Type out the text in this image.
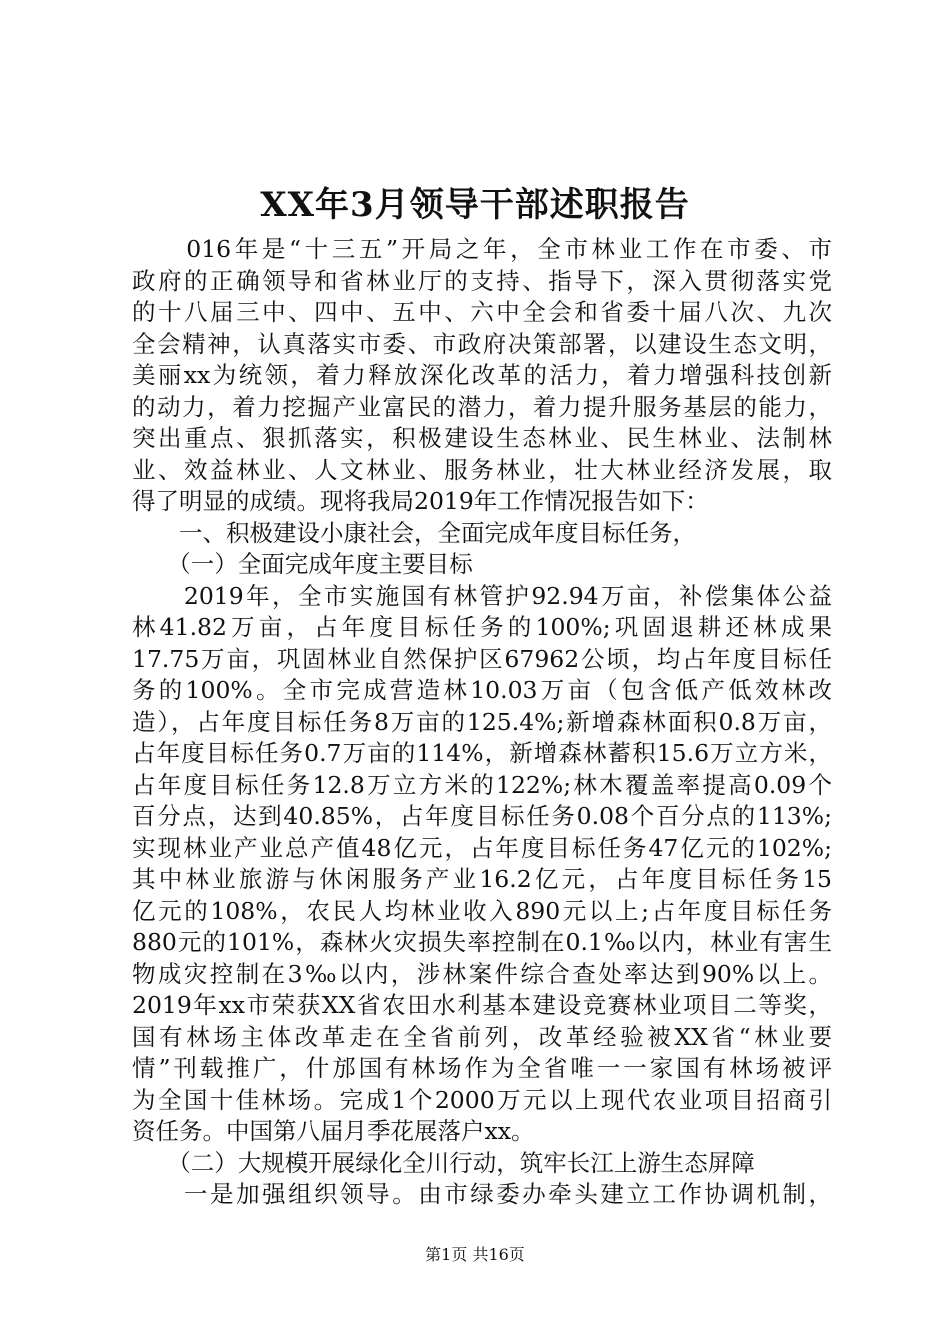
XX年3月领导干部述职报告
　　016年是“十三五”开局之年，全市林业工作在市委、市
政府的正确领导和省林业厅的支持、指导下，深入贯彻落实党
的十八届三中、四中、五中、六中全会和省委十届八次、九次
全会精神，认真落实市委、市政府决策部署，以建设生态文明，
美丽xx为统领，着力释放深化改革的活力，着力增强科技创新
的动力，着力挖掘产业富民的潜力，着力提升服务基层的能力，
突出重点、狠抓落实，积极建设生态林业、民生林业、法制林
业、效益林业、人文林业、服务林业，壮大林业经济发展，取
得了明显的成绩。现将我局2019年工作情况报告如下：
　　一、积极建设小康社会，全面完成年度目标任务，
　　（一）全面完成年度主要目标
　　2019年，全市实施国有林管护92.94万亩，补偿集体公益
林41.82万亩，占年度目标任务的100%;巩固退耕还林成果
17.75万亩，巩固林业自然保护区67962公顷，均占年度目标任
务的100%。全市完成营造林10.03万亩（包含低产低效林改
造），占年度目标任务8万亩的125.4%;新增森林面积0.8万亩，
占年度目标任务0.7万亩的114%，新增森林蓄积15.6万立方米，
占年度目标任务12.8万立方米的122%;林木覆盖率提高0.09个
百分点，达到40.85%，占年度目标任务0.08个百分点的113%;
实现林业产业总产值48亿元，占年度目标任务47亿元的102%;
其中林业旅游与休闲服务产业16.2亿元，占年度目标任务15
亿元的108%，农民人均林业收入890元以上;占年度目标任务
880元的101%，森林火灾损失率控制在0.1‰以内，林业有害生
物成灾控制在3‰以内，涉林案件综合查处率达到90%以上。
2019年xx市荣获XX省农田水利基本建设竞赛林业项目二等奖，
国有林场主体改革走在全省前列，改革经验被XX省“林业要
情”刊载推广，什邡国有林场作为全省唯一一家国有林场被评
为全国十佳林场。完成1个2000万元以上现代农业项目招商引
资任务。中国第八届月季花展落户xx。
　　（二）大规模开展绿化全川行动，筑牢长江上游生态屏障
　　一是加强组织领导。由市绿委办牵头建立工作协调机制，
第1页 共16页
